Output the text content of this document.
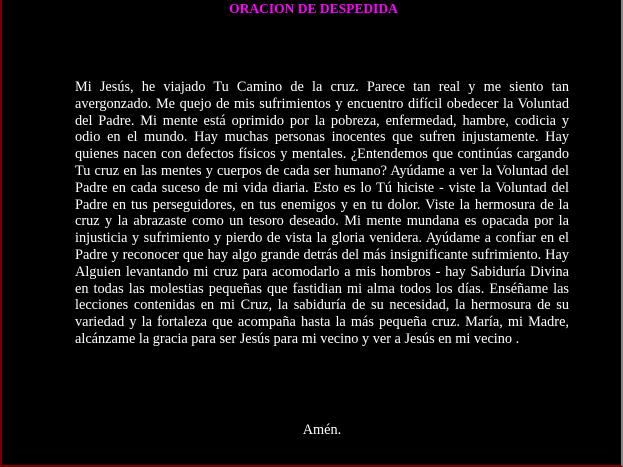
ORACION DE DESPEDIDA

Mi Jesús, he viajado Tu Camino de la cruz. Parece tan real y me siento tan avergonzado. Me quejo de mis sufrimientos y encuentro difícil obedecer la Voluntad del Padre. Mi mente está oprimido por la pobreza, enfermedad, hambre, codicia y odio en el mundo. Hay muchas personas inocentes que sufren injustamente. Hay quienes nacen con defectos físicos y mentales. ¿Entendemos que continúas cargando Tu cruz en las mentes y cuerpos de cada ser humano? Ayúdame a ver la Voluntad del Padre en cada suceso de mi vida diaria. Esto es lo Tú hiciste - viste la Voluntad del Padre en tus perseguidores, en tus enemigos y en tu dolor. Viste la hermosura de la cruz y la abrazaste como un tesoro deseado. Mi mente mundana es opacada por la injusticia y sufrimiento y pierdo de vista la gloria venidera. Ayúdame a confiar en el Padre y reconocer que hay algo grande detrás del más insignificante sufrimiento. Hay Alguien levantando mi cruz para acomodarlo a mis hombros - hay Sabiduría Divina en todas las molestias pequeñas que fastidian mi alma todos los días. Enséñame las lecciones contenidas en mi Cruz, la sabiduría de su necesidad, la hermosura de su variedad y la fortaleza que acompaña hasta la más pequeña cruz. María, mi Madre, alcánzame la gracia para ser Jesús para mi vecino y ver a Jesús en mi vecino .

Amén.
